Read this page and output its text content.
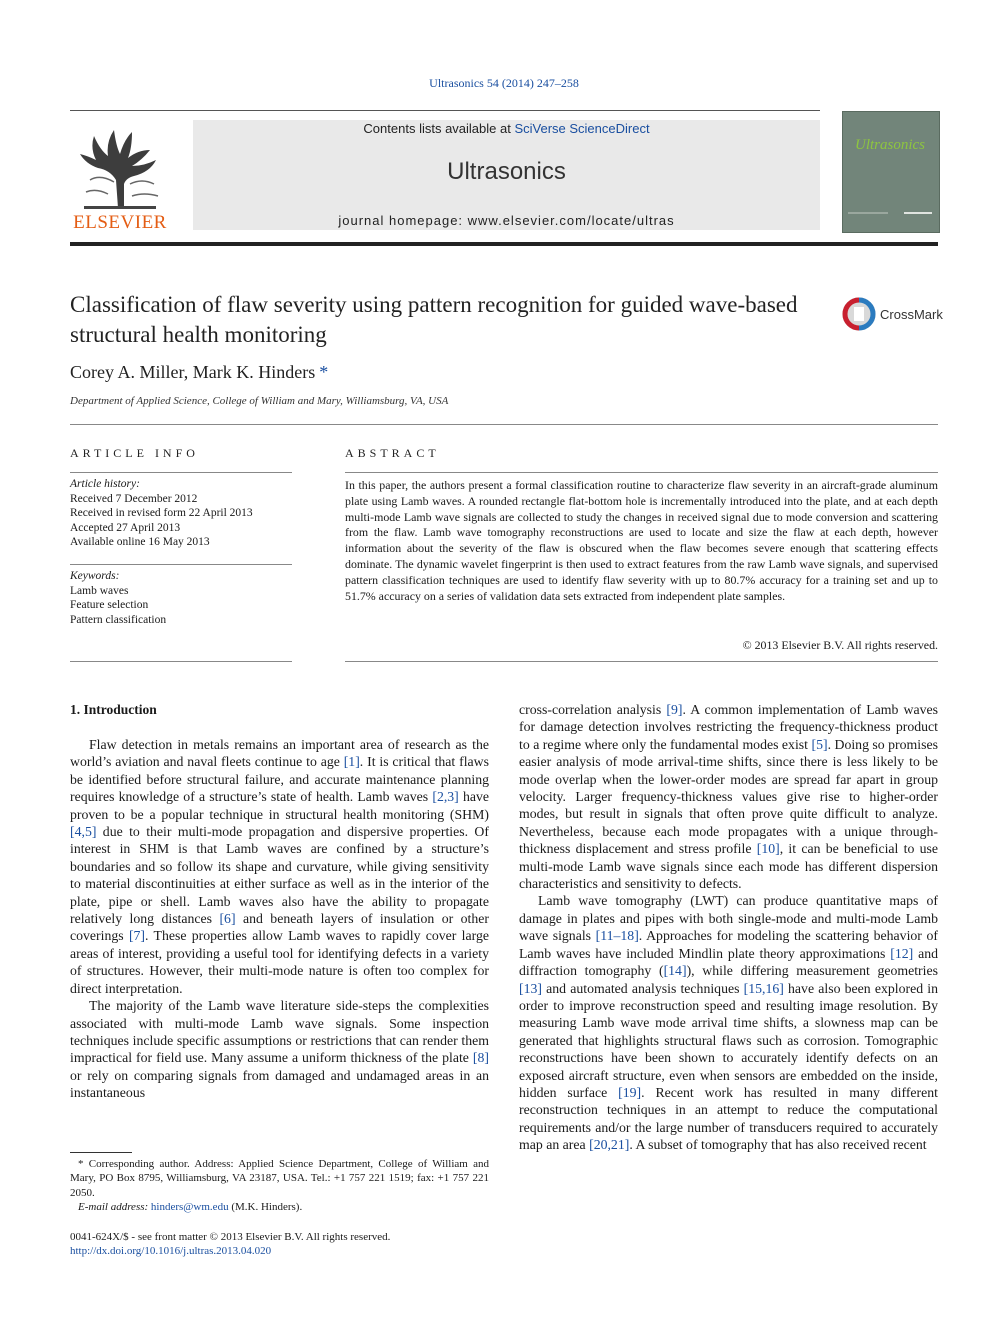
Ultrasonics 54 (2014) 247–258
ELSEVIER
Contents lists available at SciVerse ScienceDirect
Ultrasonics
journal homepage: www.elsevier.com/locate/ultras
Ultrasonics
Classification of flaw severity using pattern recognition for guided wave-based structural health monitoring
CrossMark
Corey A. Miller, Mark K. Hinders *
Department of Applied Science, College of William and Mary, Williamsburg, VA, USA
ARTICLE INFO
Article history:
Received 7 December 2012
Received in revised form 22 April 2013
Accepted 27 April 2013
Available online 16 May 2013
Keywords:
Lamb waves
Feature selection
Pattern classification
ABSTRACT
In this paper, the authors present a formal classification routine to characterize flaw severity in an aircraft-grade aluminum plate using Lamb waves. A rounded rectangle flat-bottom hole is incrementally introduced into the plate, and at each depth multi-mode Lamb wave signals are collected to study the changes in received signal due to mode conversion and scattering from the flaw. Lamb wave tomography reconstructions are used to locate and size the flaw at each depth, however information about the severity of the flaw is obscured when the flaw becomes severe enough that scattering effects dominate. The dynamic wavelet fingerprint is then used to extract features from the raw Lamb wave signals, and supervised pattern classification techniques are used to identify flaw severity with up to 80.7% accuracy for a training set and up to 51.7% accuracy on a series of validation data sets extracted from independent plate samples.
© 2013 Elsevier B.V. All rights reserved.
1. Introduction

Flaw detection in metals remains an important area of research as the world’s aviation and naval fleets continue to age [1]. It is critical that flaws be identified before structural failure, and accurate maintenance planning requires knowledge of a structure’s state of health. Lamb waves [2,3] have proven to be a popular technique in structural health monitoring (SHM) [4,5] due to their multi-mode propagation and dispersive properties. Of interest in SHM is that Lamb waves are confined by a structure’s boundaries and so follow its shape and curvature, while giving sensitivity to material discontinuities at either surface as well as in the interior of the plate, pipe or shell. Lamb waves also have the ability to propagate relatively long distances [6] and beneath layers of insulation or other coverings [7]. These properties allow Lamb waves to rapidly cover large areas of interest, providing a useful tool for identifying defects in a variety of structures. However, their multi-mode nature is often too complex for direct interpretation.

The majority of the Lamb wave literature side-steps the complexities associated with multi-mode Lamb wave signals. Some inspection techniques include specific assumptions or restrictions that can render them impractical for field use. Many assume a uniform thickness of the plate [8] or rely on comparing signals from damaged and undamaged areas in an instantaneous

cross-correlation analysis [9]. A common implementation of Lamb waves for damage detection involves restricting the frequency-thickness product to a regime where only the fundamental modes exist [5]. Doing so promises easier analysis of mode arrival-time shifts, since there is less likely to be mode overlap when the lower-order modes are spread far apart in group velocity. Larger frequency-thickness values give rise to higher-order modes, but result in signals that often prove quite difficult to analyze. Nevertheless, because each mode propagates with a unique through-thickness displacement and stress profile [10], it can be beneficial to use multi-mode Lamb wave signals since each mode has different dispersion characteristics and sensitivity to defects.

Lamb wave tomography (LWT) can produce quantitative maps of damage in plates and pipes with both single-mode and multi-mode Lamb wave signals [11–18]. Approaches for modeling the scattering behavior of Lamb waves have included Mindlin plate theory approximations [12] and diffraction tomography ([14]), while differing measurement geometries [13] and automated analysis techniques [15,16] have also been explored in order to improve reconstruction speed and resulting image resolution. By measuring Lamb wave mode arrival time shifts, a slowness map can be generated that highlights structural flaws such as corrosion. Tomographic reconstructions have been shown to accurately identify defects on an exposed aircraft structure, even when sensors are embedded on the inside, hidden surface [19]. Recent work has resulted in many different reconstruction techniques in an attempt to reduce the computational requirements and/or the large number of transducers required to accurately map an area [20,21]. A subset of tomography that has also received recent

* Corresponding author. Address: Applied Science Department, College of William and Mary, PO Box 8795, Williamsburg, VA 23187, USA. Tel.: +1 757 221 1519; fax: +1 757 221 2050.

E-mail address: hinders@wm.edu (M.K. Hinders).

0041-624X/$ - see front matter © 2013 Elsevier B.V. All rights reserved.
http://dx.doi.org/10.1016/j.ultras.2013.04.020
